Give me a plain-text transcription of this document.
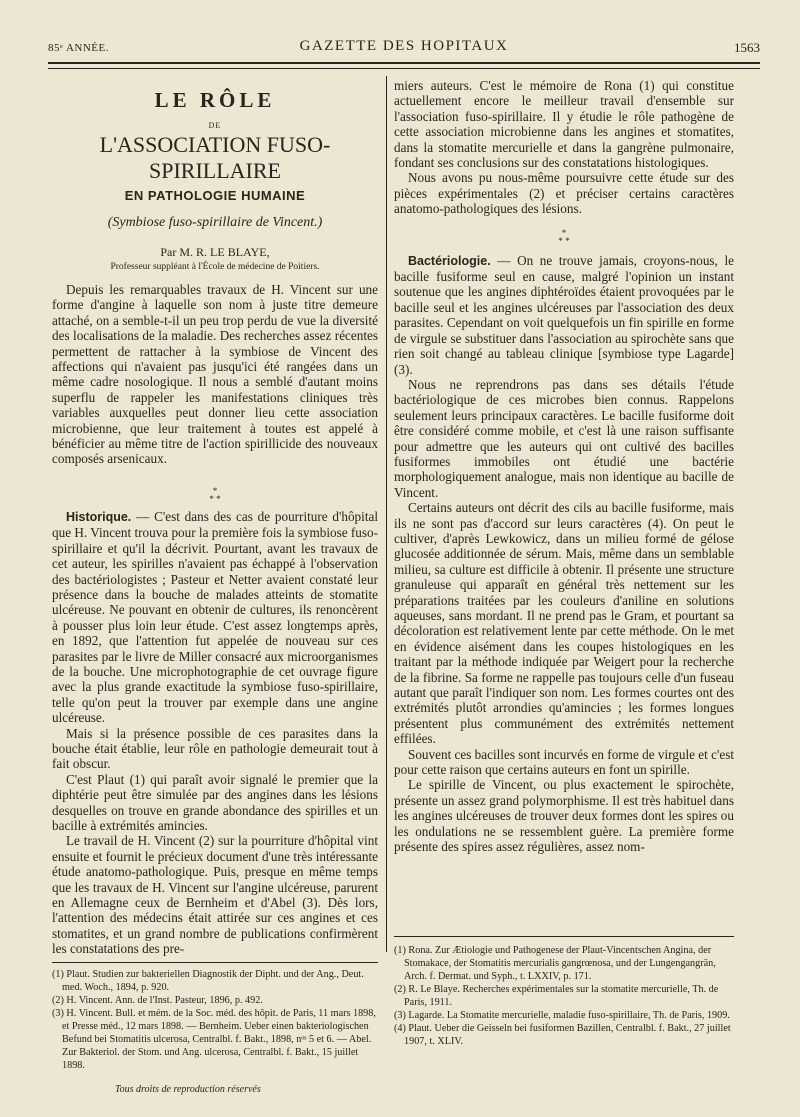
85ᵉ ANNÉE.	GAZETTE DES HOPITAUX	1563
LE RÔLE
DE
L'ASSOCIATION FUSO-SPIRILLAIRE
EN PATHOLOGIE HUMAINE
(Symbiose fuso-spirillaire de Vincent.)
Par M. R. LE BLAYE,
Professeur suppléant à l'École de médecine de Poitiers.

Depuis les remarquables travaux de H. Vincent sur une forme d'angine à laquelle son nom à juste titre demeure attaché, on a semble-t-il un peu trop perdu de vue la diversité des localisations de la maladie. Des recherches assez récentes permettent de rattacher à la symbiose de Vincent des affections qui n'avaient pas jusqu'ici été rangées dans un même cadre nosologique. Il nous a semblé d'autant moins superflu de rappeler les manifestations cliniques très variables auxquelles peut donner lieu cette association microbienne, que leur traitement à toutes est appelé à bénéficier au même titre de l'action spirillicide des nouveaux composés arsenicaux.

*
* *

Historique. — C'est dans des cas de pourriture d'hôpital que H. Vincent trouva pour la première fois la symbiose fuso-spirillaire et qu'il la décrivit. Pourtant, avant les travaux de cet auteur, les spirilles n'avaient pas échappé à l'observation des bactériologistes ; Pasteur et Netter avaient constaté leur présence dans la bouche de malades atteints de stomatite ulcéreuse. Ne pouvant en obtenir de cultures, ils renoncèrent à pousser plus loin leur étude. C'est assez longtemps après, en 1892, que l'attention fut appelée de nouveau sur ces parasites par le livre de Miller consacré aux microorganismes de la bouche. Une microphotographie de cet ouvrage figure avec la plus grande exactitude la symbiose fuso-spirillaire, telle qu'on peut la trouver par exemple dans une angine ulcéreuse.

Mais si la présence possible de ces parasites dans la bouche était établie, leur rôle en pathologie demeurait tout à fait obscur.

C'est Plaut (1) qui paraît avoir signalé le premier que la diphtérie peut être simulée par des angines dans les lésions desquelles on trouve en grande abondance des spirilles et un bacille à extrémités amincies.

Le travail de H. Vincent (2) sur la pourriture d'hôpital vint ensuite et fournit le précieux document d'une très intéressante étude anatomo-pathologique. Puis, presque en même temps que les travaux de H. Vincent sur l'angine ulcéreuse, parurent en Allemagne ceux de Bernheim et d'Abel (3). Dès lors, l'attention des médecins était attirée sur ces angines et ces stomatites, et un grand nombre de publications confirmèrent les constatations des pre-

miers auteurs. C'est le mémoire de Rona (1) qui constitue actuellement encore le meilleur travail d'ensemble sur l'association fuso-spirillaire. Il y étudie le rôle pathogène de cette association microbienne dans les angines et stomatites, dans la stomatite mercurielle et dans la gangrène pulmonaire, fondant ses conclusions sur des constatations histologiques.

Nous avons pu nous-même poursuivre cette étude sur des pièces expérimentales (2) et préciser certains caractères anatomo-pathologiques des lésions.

*
* *

Bactériologie. — On ne trouve jamais, croyons-nous, le bacille fusiforme seul en cause, malgré l'opinion un instant soutenue que les angines diphtéroïdes étaient provoquées par le bacille seul et les angines ulcéreuses par l'association des deux parasites. Cependant on voit quelquefois un fin spirille en forme de virgule se substituer dans l'association au spirochète sans que rien soit changé au tableau clinique [symbiose type Lagarde] (3).

Nous ne reprendrons pas dans ses détails l'étude bactériologique de ces microbes bien connus. Rappelons seulement leurs principaux caractères. Le bacille fusiforme doit être considéré comme mobile, et c'est là une raison suffisante pour admettre que les auteurs qui ont cultivé des bacilles fusiformes immobiles ont étudié une bactérie morphologiquement analogue, mais non identique au bacille de Vincent.

Certains auteurs ont décrit des cils au bacille fusiforme, mais ils ne sont pas d'accord sur leurs caractères (4). On peut le cultiver, d'après Lewkowicz, dans un milieu formé de gélose glucosée additionnée de sérum. Mais, même dans un semblable milieu, sa culture est difficile à obtenir. Il présente une structure granuleuse qui apparaît en général très nettement sur les préparations traitées par les couleurs d'aniline en solutions aqueuses, sans mordant. Il ne prend pas le Gram, et pourtant sa décoloration est relativement lente par cette méthode. On le met en évidence aisément dans les coupes histologiques en les traitant par la méthode indiquée par Weigert pour la recherche de la fibrine. Sa forme ne rappelle pas toujours celle d'un fuseau autant que paraît l'indiquer son nom. Les formes courtes ont des extrémités plutôt arrondies qu'amincies ; les formes longues présentent plus communément des extrémités nettement effilées.

Souvent ces bacilles sont incurvés en forme de virgule et c'est pour cette raison que certains auteurs en font un spirille.

Le spirille de Vincent, ou plus exactement le spirochète, présente un assez grand polymorphisme. Il est très habituel dans les angines ulcéreuses de trouver deux formes dont les spires ou les ondulations ne se ressemblent guère. La première forme présente des spires assez régulières, assez nom-

(1) Plaut. Studien zur bakteriellen Diagnostik der Dipht. und der Ang., Deut. med. Woch., 1894, p. 920.
(2) H. Vincent. Ann. de l'Inst. Pasteur, 1896, p. 492.
(3) H. Vincent. Bull. et mém. de la Soc. méd. des hôpit. de Paris, 11 mars 1898, et Presse méd., 12 mars 1898. — Bernheim. Ueber einen bakteriologischen Befund bei Stomatitis ulcerosa, Centralbl. f. Bakt., 1898, nᵒˢ 5 et 6. — Abel. Zur Bakteriol. der Stom. und Ang. ulcerosa, Centralbl. f. Bakt., 15 juillet 1898.
(1) Rona. Zur Ætiologie und Pathogenese der Plaut-Vincentschen Angina, der Stomakace, der Stomatitis mercurialis gangrœnosa, und der Lungengangrän, Arch. f. Dermat. und Syph., t. LXXIV, p. 171.
(2) R. Le Blaye. Recherches expérimentales sur la stomatite mercurielle, Th. de Paris, 1911.
(3) Lagarde. La Stomatite mercurielle, maladie fuso-spirillaire, Th. de Paris, 1909.
(4) Plaut. Ueber die Geisseln bei fusiformen Bazillen, Centralbl. f. Bakt., 27 juillet 1907, t. XLIV.
Tous droits de reproduction réservés
